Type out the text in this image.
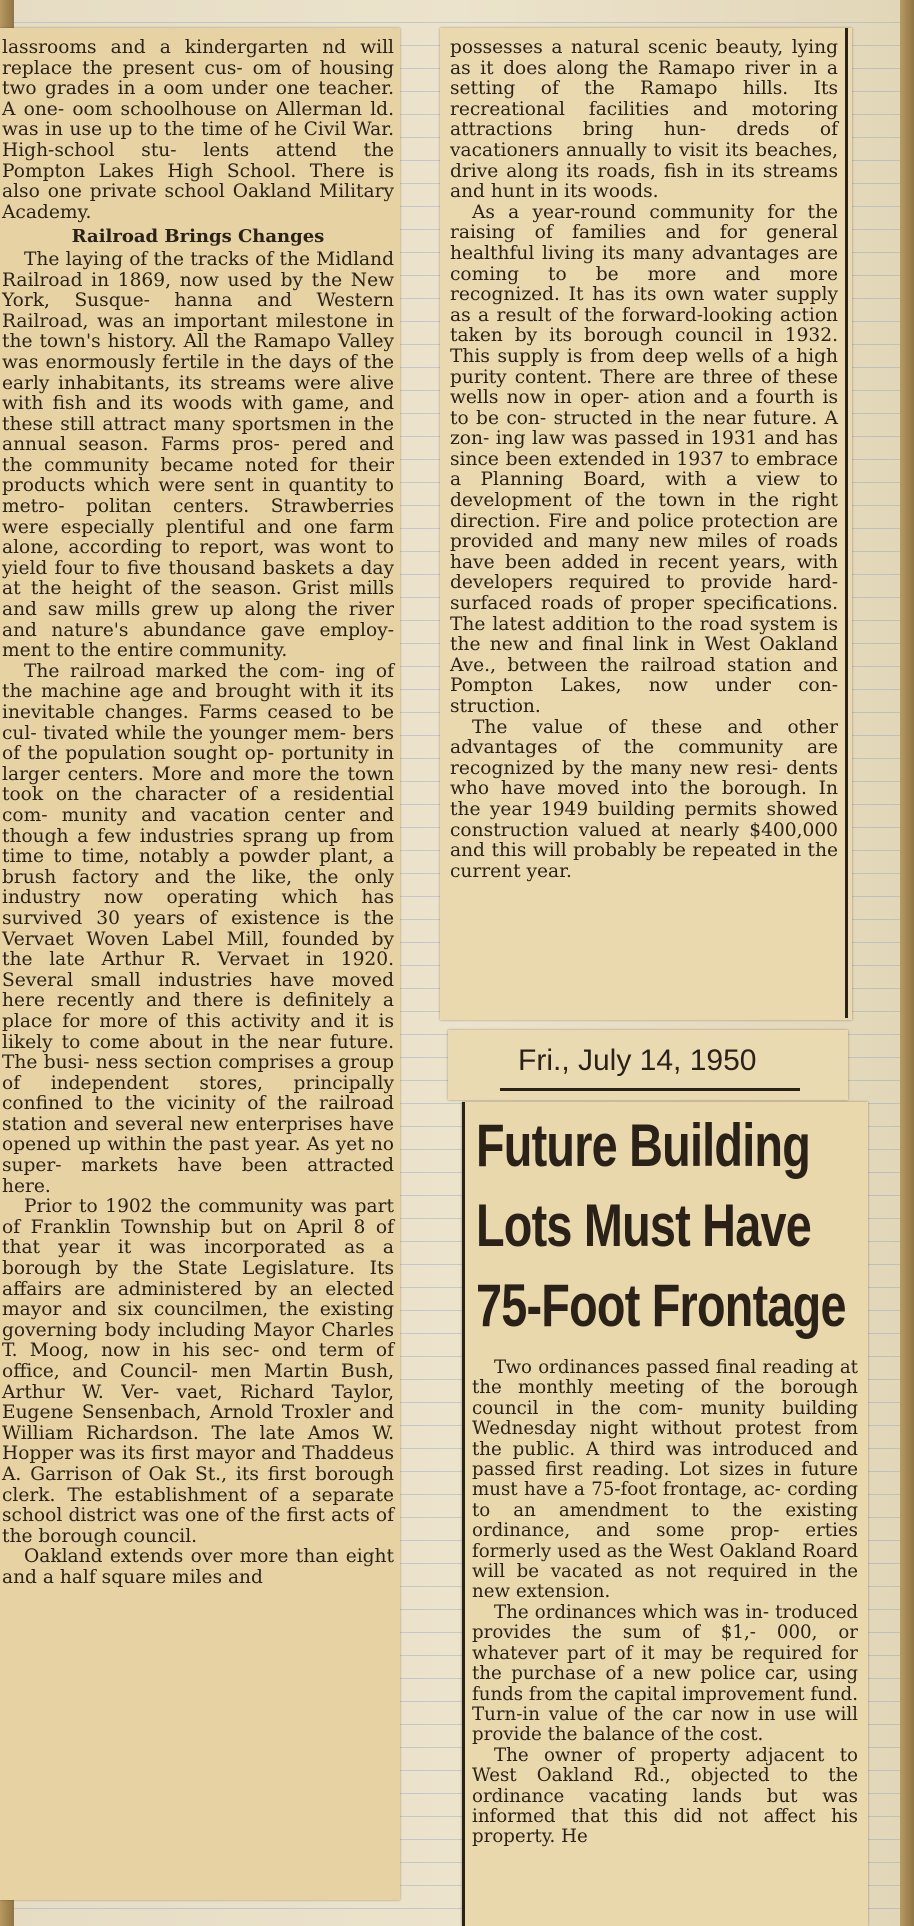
lassrooms and a kindergarten nd will replace the present cus- om of housing two grades in a oom under one teacher. A one- oom schoolhouse on Allerman ld. was in use up to the time of he Civil War. High-school stu- lents attend the Pompton Lakes High School. There is also one private school Oakland Military Academy.

Railroad Brings Changes

The laying of the tracks of the Midland Railroad in 1869, now used by the New York, Susque- hanna and Western Railroad, was an important milestone in the town's history. All the Ramapo Valley was enormously fertile in the days of the early inhabitants, its streams were alive with fish and its woods with game, and these still attract many sportsmen in the annual season. Farms pros- pered and the community became noted for their products which were sent in quantity to metro- politan centers. Strawberries were especially plentiful and one farm alone, according to report, was wont to yield four to five thousand baskets a day at the height of the season. Grist mills and saw mills grew up along the river and nature's abundance gave employ- ment to the entire community.

The railroad marked the com- ing of the machine age and brought with it its inevitable changes. Farms ceased to be cul- tivated while the younger mem- bers of the population sought op- portunity in larger centers. More and more the town took on the character of a residential com- munity and vacation center and though a few industries sprang up from time to time, notably a powder plant, a brush factory and the like, the only industry now operating which has survived 30 years of existence is the Vervaet Woven Label Mill, founded by the late Arthur R. Vervaet in 1920. Several small industries have moved here recently and there is definitely a place for more of this activity and it is likely to come about in the near future. The busi- ness section comprises a group of independent stores, principally confined to the vicinity of the railroad station and several new enterprises have opened up within the past year. As yet no super- markets have been attracted here.

Prior to 1902 the community was part of Franklin Township but on April 8 of that year it was incorporated as a borough by the State Legislature. Its affairs are administered by an elected mayor and six councilmen, the existing governing body including Mayor Charles T. Moog, now in his sec- ond term of office, and Council- men Martin Bush, Arthur W. Ver- vaet, Richard Taylor, Eugene Sensenbach, Arnold Troxler and William Richardson. The late Amos W. Hopper was its first mayor and Thaddeus A. Garrison of Oak St., its first borough clerk. The establishment of a separate school district was one of the first acts of the borough council.

Oakland extends over more than eight and a half square miles and

possesses a natural scenic beauty, lying as it does along the Ramapo river in a setting of the Ramapo hills. Its recreational facilities and motoring attractions bring hun- dreds of vacationers annually to visit its beaches, drive along its roads, fish in its streams and hunt in its woods.

As a year-round community for the raising of families and for general healthful living its many advantages are coming to be more and more recognized. It has its own water supply as a result of the forward-looking action taken by its borough council in 1932. This supply is from deep wells of a high purity content. There are three of these wells now in oper- ation and a fourth is to be con- structed in the near future. A zon- ing law was passed in 1931 and has since been extended in 1937 to embrace a Planning Board, with a view to development of the town in the right direction. Fire and police protection are provided and many new miles of roads have been added in recent years, with developers required to provide hard-surfaced roads of proper specifications. The latest addition to the road system is the new and final link in West Oakland Ave., between the railroad station and Pompton Lakes, now under con- struction.

The value of these and other advantages of the community are recognized by the many new resi- dents who have moved into the borough. In the year 1949 building permits showed construction valued at nearly $400,000 and this will probably be repeated in the current year.

Fri., July 14, 1950
Future Building
Lots Must Have
75-Foot Frontage

Two ordinances passed final reading at the monthly meeting of the borough council in the com- munity building Wednesday night without protest from the public. A third was introduced and passed first reading. Lot sizes in future must have a 75-foot frontage, ac- cording to an amendment to the existing ordinance, and some prop- erties formerly used as the West Oakland Roard will be vacated as not required in the new extension.

The ordinances which was in- troduced provides the sum of $1,- 000, or whatever part of it may be required for the purchase of a new police car, using funds from the capital improvement fund. Turn-in value of the car now in use will provide the balance of the cost.

The owner of property adjacent to West Oakland Rd., objected to the ordinance vacating lands but was informed that this did not affect his property. He
